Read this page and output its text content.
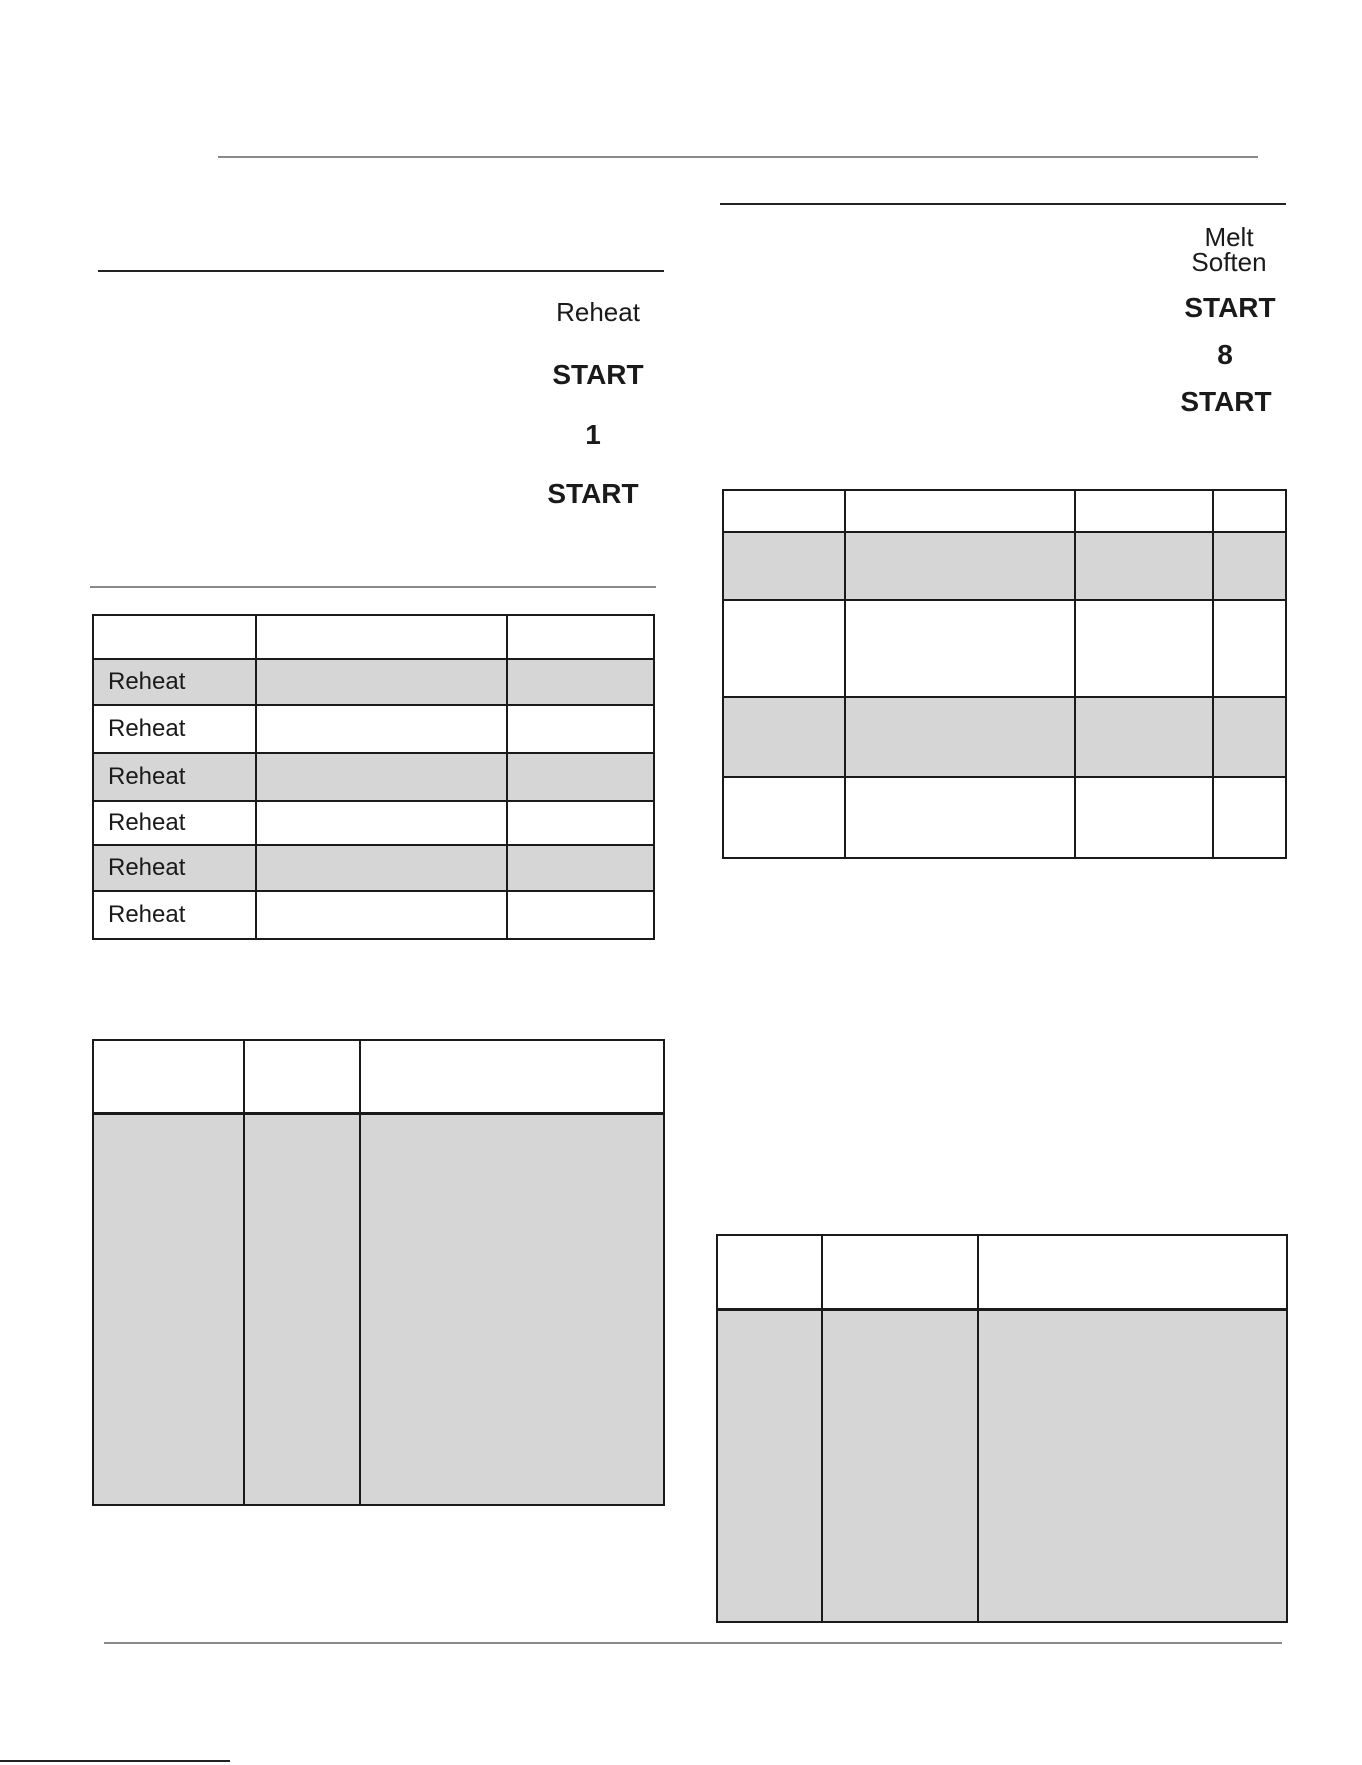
Reheat
START
1
START
Melt
Soften
START
8
START

Reheat		
Reheat		
Reheat		
Reheat		
Reheat		
Reheat		
